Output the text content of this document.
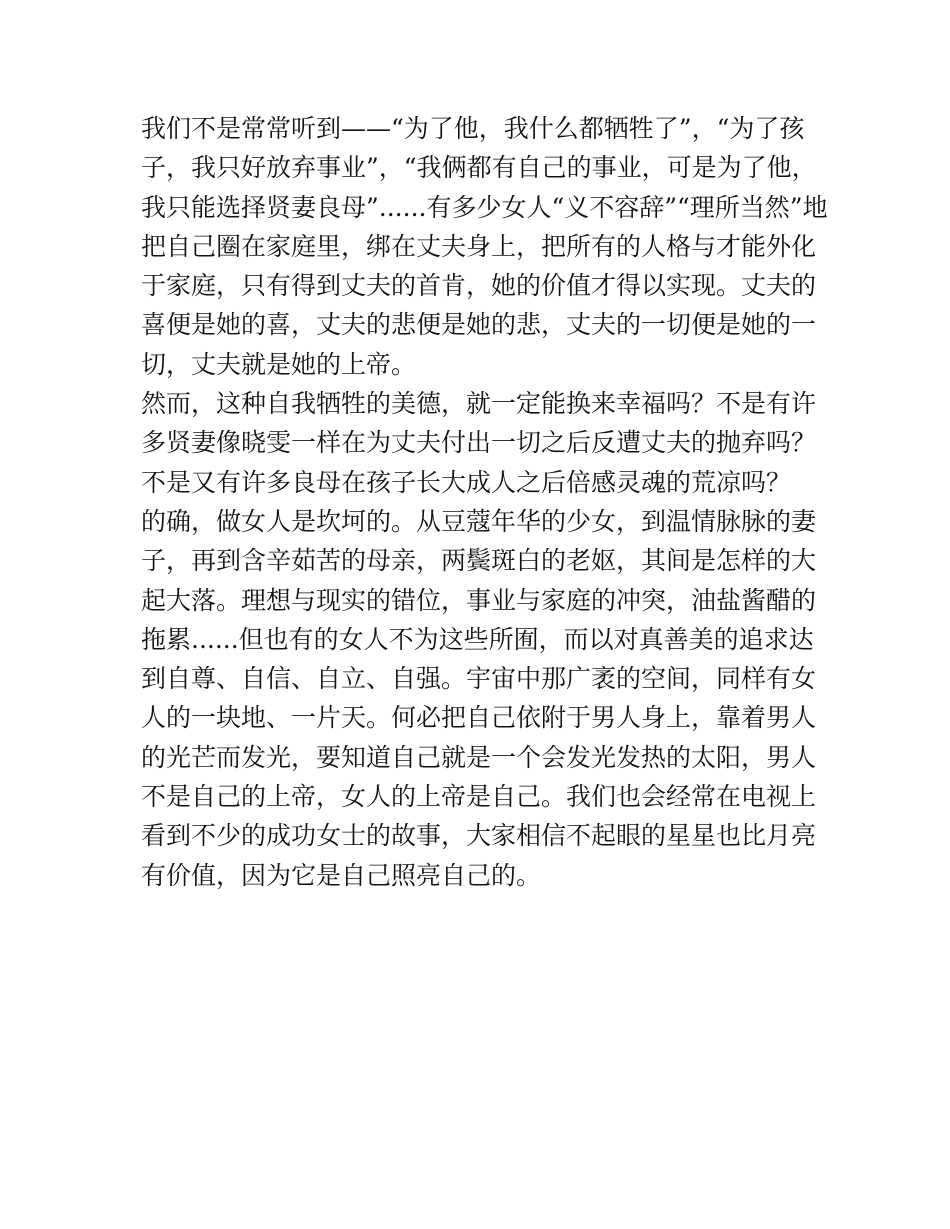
我们不是常常听到——“为了他，我什么都牺牲了”，“为了孩
子，我只好放弃事业”，“我俩都有自己的事业，可是为了他，
我只能选择贤妻良母”......有多少女人“义不容辞”“理所当然”地
把自己圈在家庭里，绑在丈夫身上，把所有的人格与才能外化
于家庭，只有得到丈夫的首肯，她的价值才得以实现。丈夫的
喜便是她的喜，丈夫的悲便是她的悲，丈夫的一切便是她的一
切，丈夫就是她的上帝。
然而，这种自我牺牲的美德，就一定能换来幸福吗？不是有许
多贤妻像晓雯一样在为丈夫付出一切之后反遭丈夫的抛弃吗？
不是又有许多良母在孩子长大成人之后倍感灵魂的荒凉吗？
的确，做女人是坎坷的。从豆蔻年华的少女，到温情脉脉的妻
子，再到含辛茹苦的母亲，两鬓斑白的老妪，其间是怎样的大
起大落。理想与现实的错位，事业与家庭的冲突，油盐酱醋的
拖累......但也有的女人不为这些所囿，而以对真善美的追求达
到自尊、自信、自立、自强。宇宙中那广袤的空间，同样有女
人的一块地、一片天。何必把自己依附于男人身上，靠着男人
的光芒而发光，要知道自己就是一个会发光发热的太阳，男人
不是自己的上帝，女人的上帝是自己。我们也会经常在电视上
看到不少的成功女士的故事，大家相信不起眼的星星也比月亮
有价值，因为它是自己照亮自己的。
